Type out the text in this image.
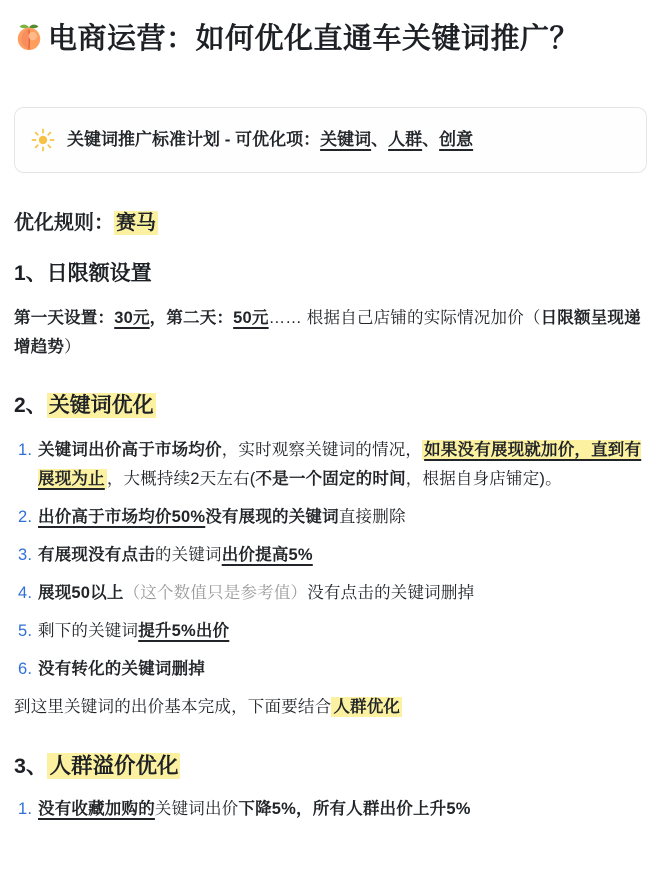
电商运营：如何优化直通车关键词推广？

关键词推广标准计划 - 可优化项：关键词、人群、创意

优化规则： 赛马

1、日限额设置

第一天设置：30元，第二天：50元…… 根据自己店铺的实际情况加价（日限额呈现递增趋势）

2、关键词优化
1. 关键词出价高于市场均价，实时观察关键词的情况， 如果没有展现就加价，直到有展现为止 ，大概持续2天左右(不是一个固定的时间，根据自身店铺定)。
2. 出价高于市场均价50%没有展现的关键词直接删除
3. 有展现没有点击的关键词出价提高5%
4. 展现50以上（这个数值只是参考值）没有点击的关键词删掉
5. 剩下的关键词提升5%出价
6. 没有转化的关键词删掉

到这里关键词的出价基本完成，下面要结合 人群优化

3、人群溢价优化
1. 没有收藏加购的关键词出价下降5%，所有人群出价上升5%
